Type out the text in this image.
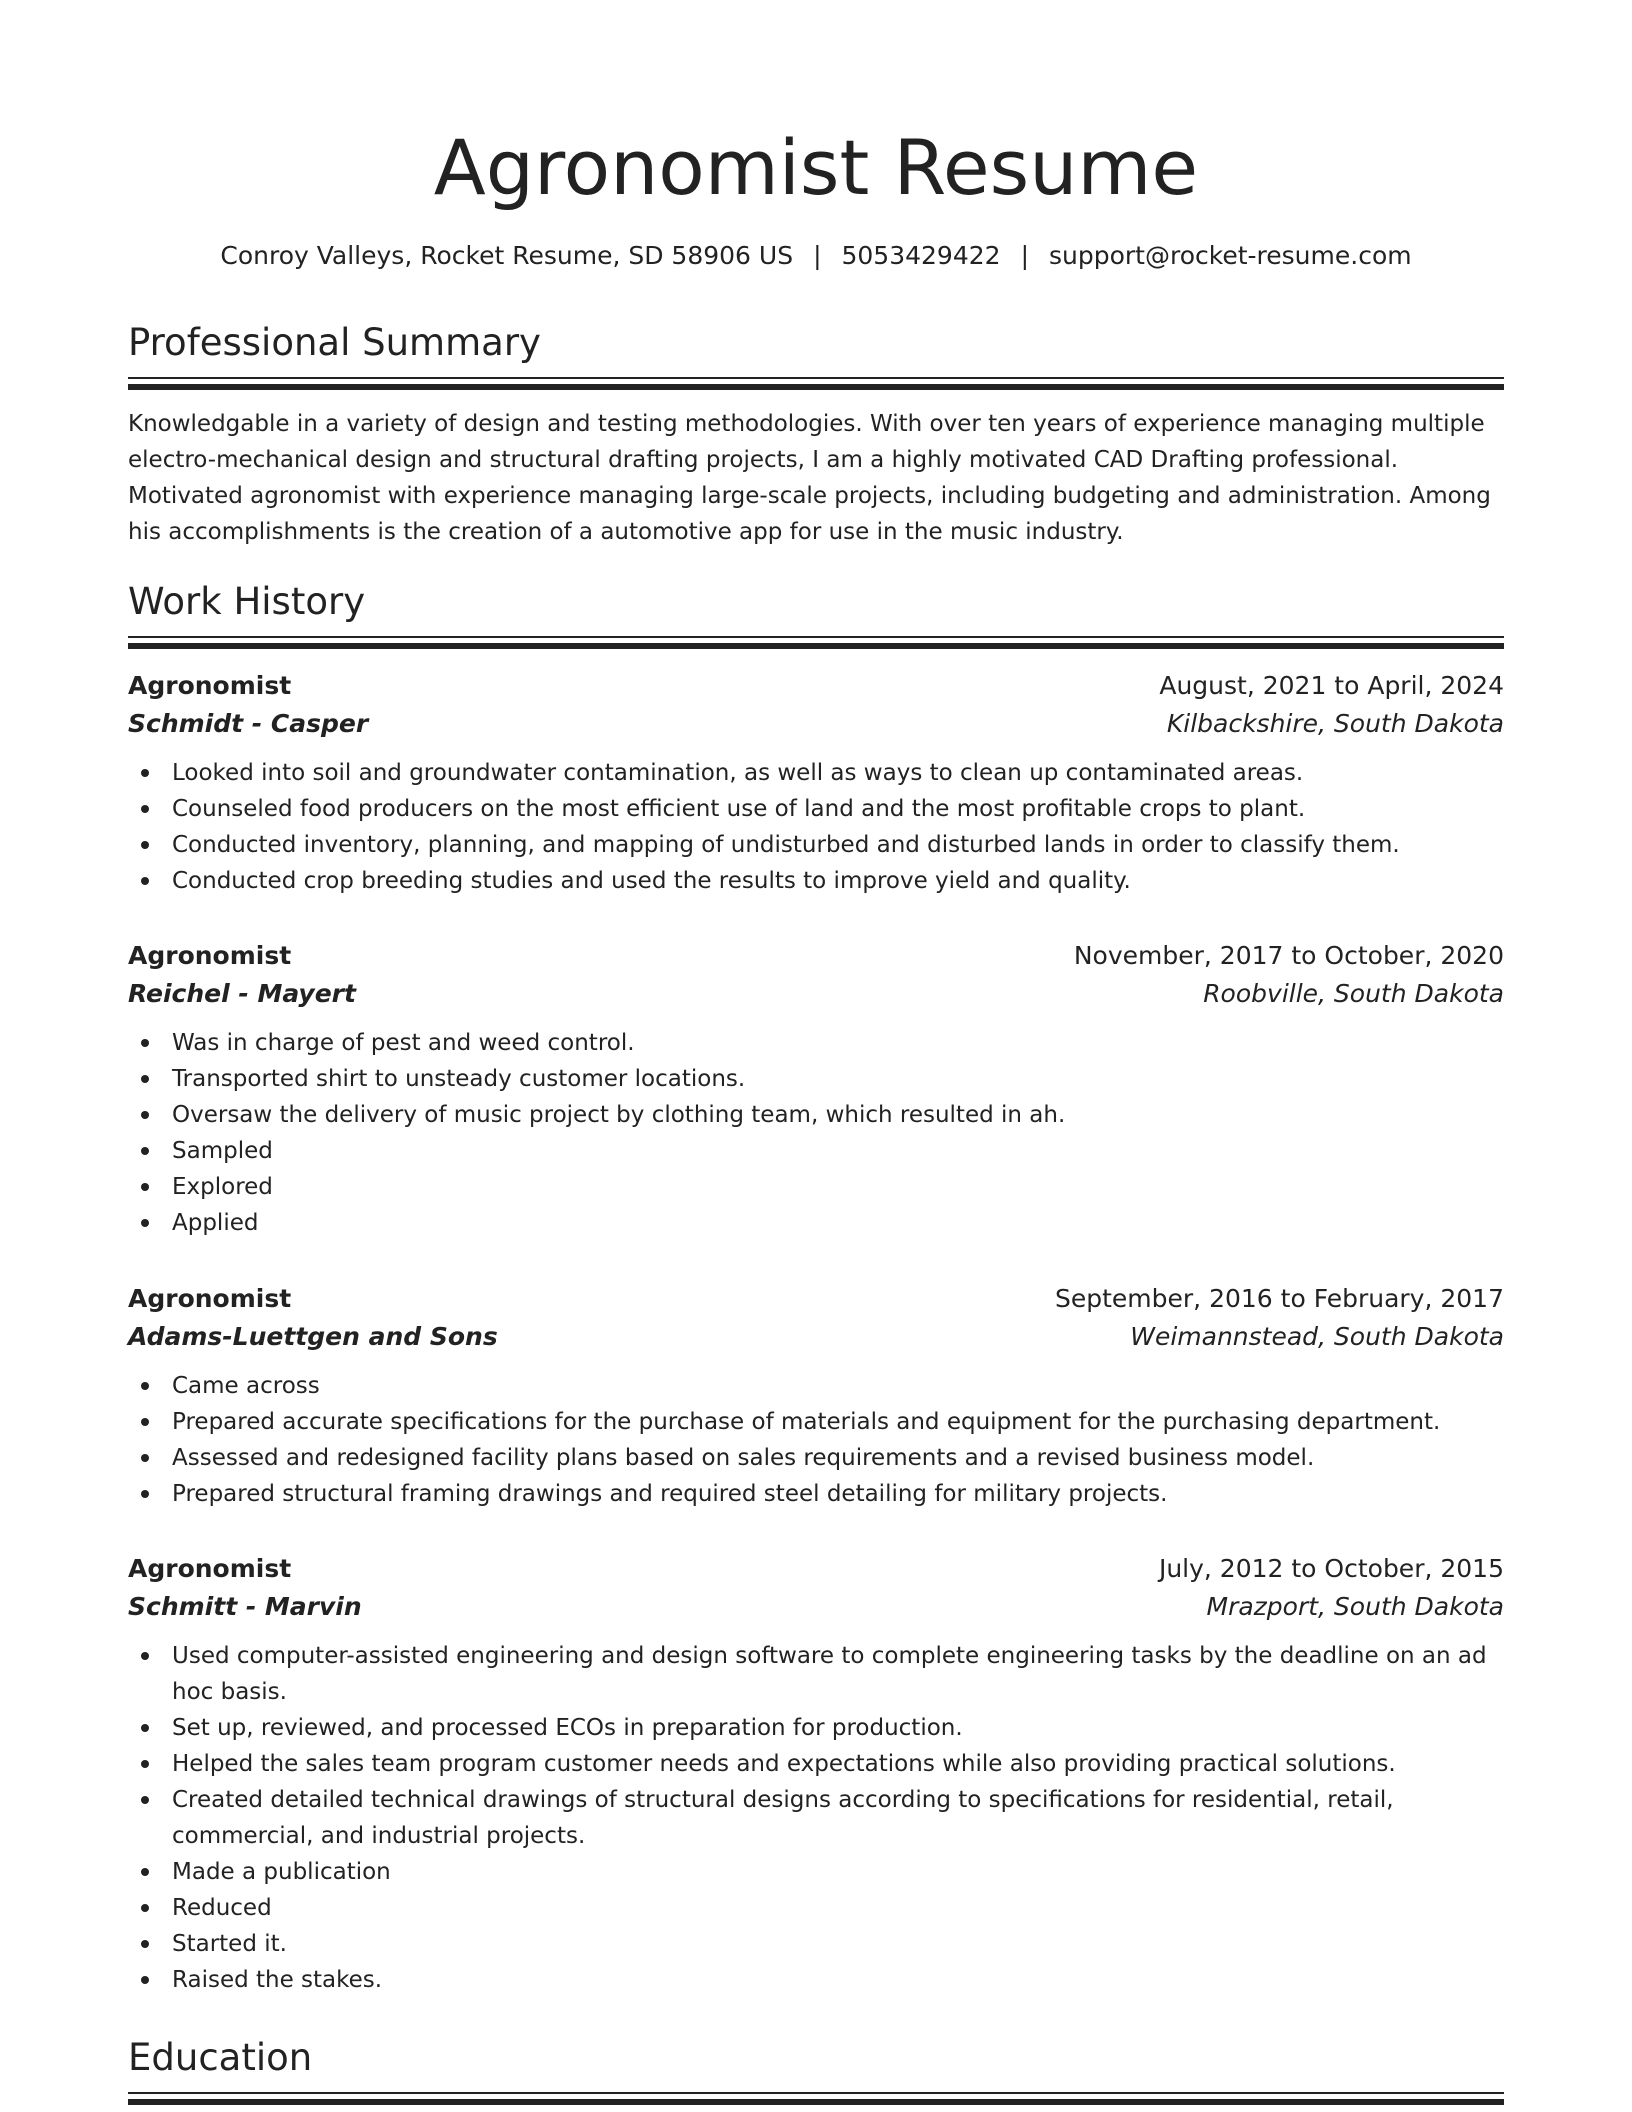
Agronomist Resume
Conroy Valleys, Rocket Resume, SD 58906 US | 5053429422 | support@rocket-resume.com
Professional Summary
Knowledgable in a variety of design and testing methodologies. With over ten years of experience managing multiple electro-mechanical design and structural drafting projects, I am a highly motivated CAD Drafting professional. Motivated agronomist with experience managing large-scale projects, including budgeting and administration. Among his accomplishments is the creation of a automotive app for use in the music industry.
Work History
Agronomist	August, 2021 to April, 2024
Schmidt - Casper	Kilbackshire, South Dakota
Looked into soil and groundwater contamination, as well as ways to clean up contaminated areas.
Counseled food producers on the most efficient use of land and the most profitable crops to plant.
Conducted inventory, planning, and mapping of undisturbed and disturbed lands in order to classify them.
Conducted crop breeding studies and used the results to improve yield and quality.
Agronomist	November, 2017 to October, 2020
Reichel - Mayert	Roobville, South Dakota
Was in charge of pest and weed control.
Transported shirt to unsteady customer locations.
Oversaw the delivery of music project by clothing team, which resulted in ah.
Sampled
Explored
Applied
Agronomist	September, 2016 to February, 2017
Adams-Luettgen and Sons	Weimannstead, South Dakota
Came across
Prepared accurate specifications for the purchase of materials and equipment for the purchasing department.
Assessed and redesigned facility plans based on sales requirements and a revised business model.
Prepared structural framing drawings and required steel detailing for military projects.
Agronomist	July, 2012 to October, 2015
Schmitt - Marvin	Mrazport, South Dakota
Used computer-assisted engineering and design software to complete engineering tasks by the deadline on an ad hoc basis.
Set up, reviewed, and processed ECOs in preparation for production.
Helped the sales team program customer needs and expectations while also providing practical solutions.
Created detailed technical drawings of structural designs according to specifications for residential, retail, commercial, and industrial projects.
Made a publication
Reduced
Started it.
Raised the stakes.
Education
